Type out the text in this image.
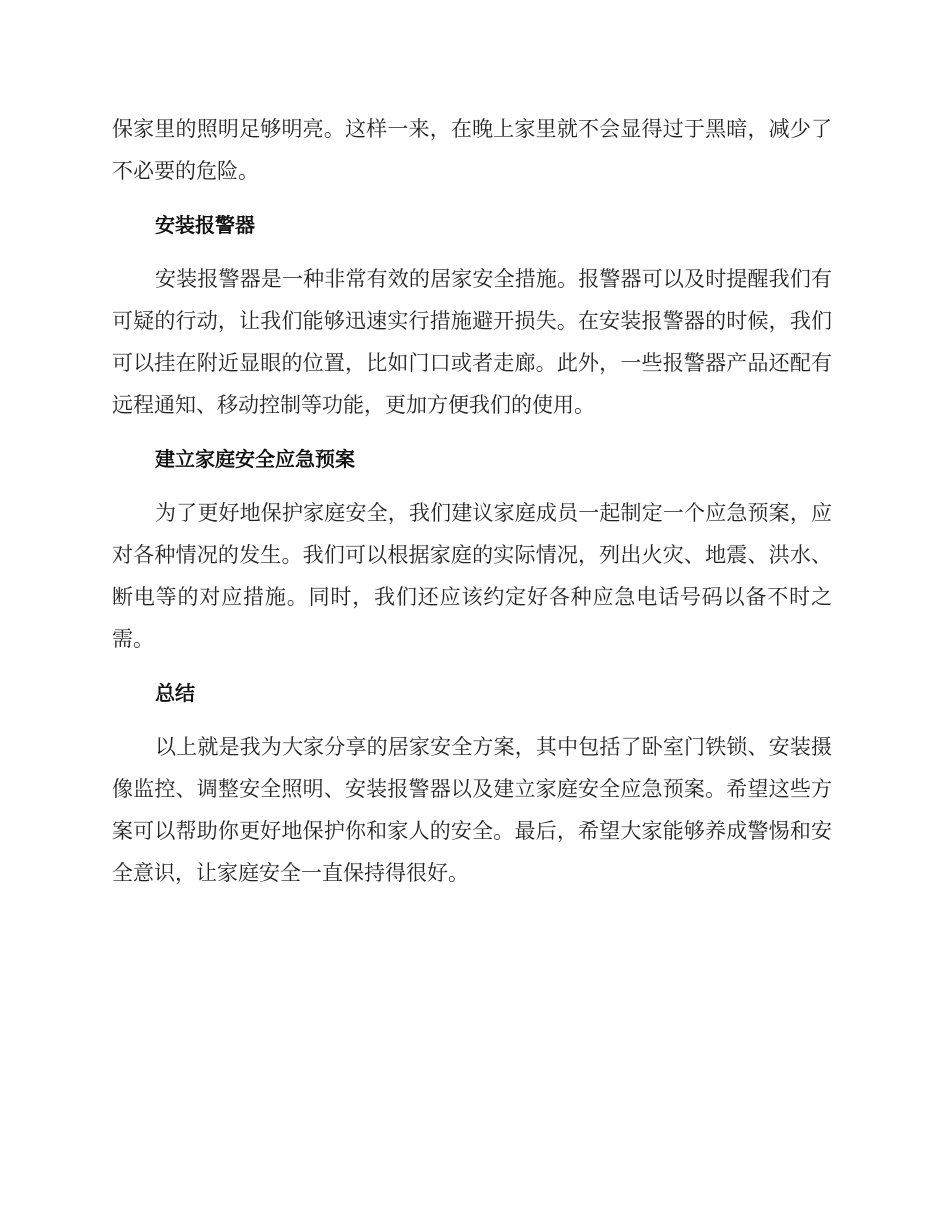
保家里的照明足够明亮。这样一来，在晚上家里就不会显得过于黑暗，减少了不必要的危险。

安装报警器

安装报警器是一种非常有效的居家安全措施。报警器可以及时提醒我们有可疑的行动，让我们能够迅速实行措施避开损失。在安装报警器的时候，我们可以挂在附近显眼的位置，比如门口或者走廊。此外，一些报警器产品还配有远程通知、移动控制等功能，更加方便我们的使用。

建立家庭安全应急预案

为了更好地保护家庭安全，我们建议家庭成员一起制定一个应急预案，应对各种情况的发生。我们可以根据家庭的实际情况，列出火灾、地震、洪水、断电等的对应措施。同时，我们还应该约定好各种应急电话号码以备不时之需。

总结

以上就是我为大家分享的居家安全方案，其中包括了卧室门铁锁、安装摄像监控、调整安全照明、安装报警器以及建立家庭安全应急预案。希望这些方案可以帮助你更好地保护你和家人的安全。最后，希望大家能够养成警惕和安全意识，让家庭安全一直保持得很好。
